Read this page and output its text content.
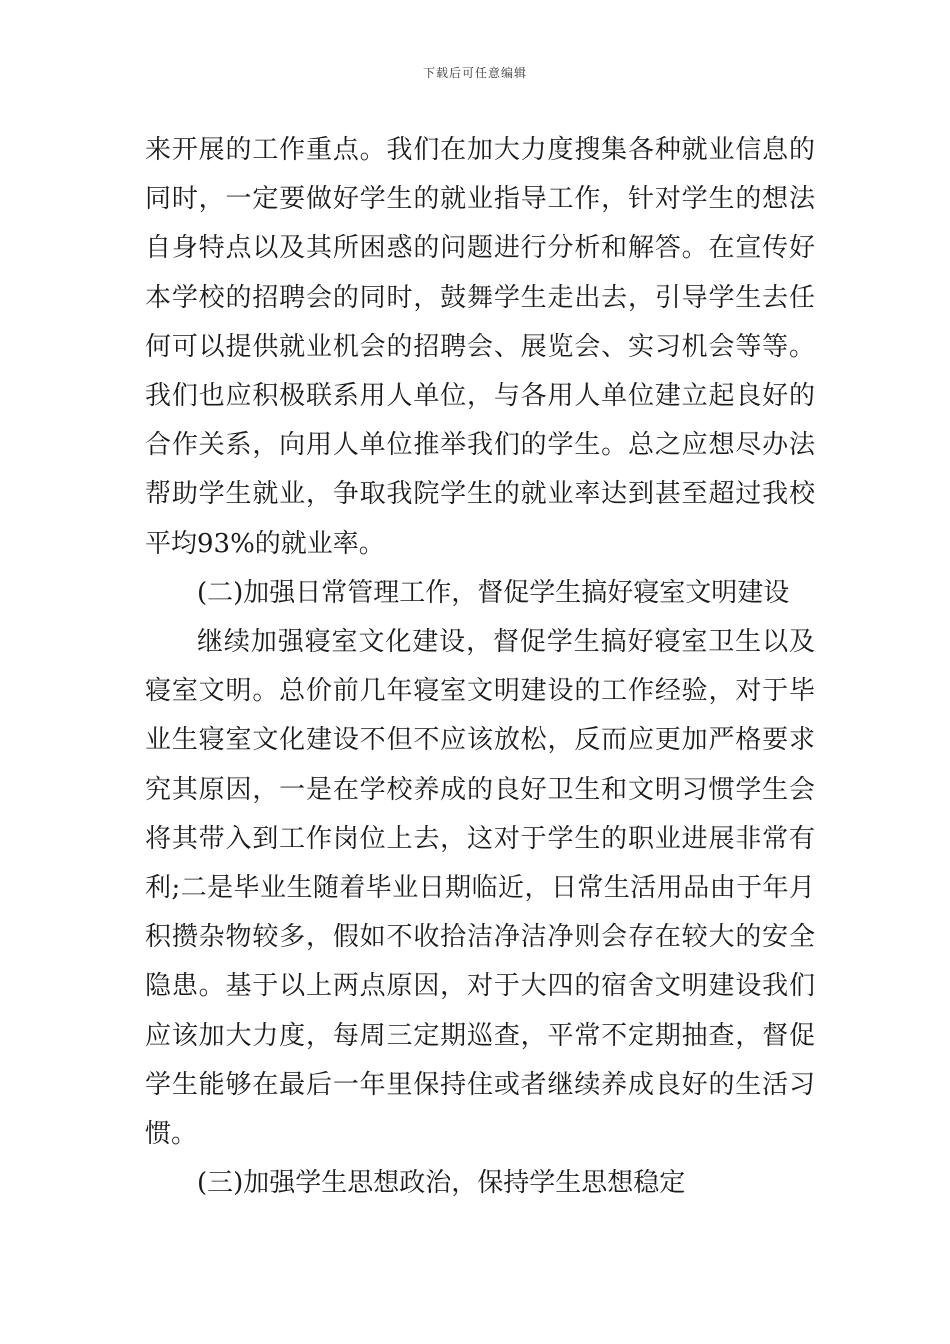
下载后可任意编辑

来开展的工作重点。我们在加大力度搜集各种就业信息的同时，一定要做好学生的就业指导工作，针对学生的想法自身特点以及其所困惑的问题进行分析和解答。在宣传好本学校的招聘会的同时，鼓舞学生走出去，引导学生去任何可以提供就业机会的招聘会、展览会、实习机会等等。我们也应积极联系用人单位，与各用人单位建立起良好的合作关系，向用人单位推举我们的学生。总之应想尽办法帮助学生就业，争取我院学生的就业率达到甚至超过我校平均93%的就业率。

(二)加强日常管理工作，督促学生搞好寝室文明建设

继续加强寝室文化建设，督促学生搞好寝室卫生以及寝室文明。总价前几年寝室文明建设的工作经验，对于毕业生寝室文化建设不但不应该放松，反而应更加严格要求究其原因，一是在学校养成的良好卫生和文明习惯学生会将其带入到工作岗位上去，这对于学生的职业进展非常有利;二是毕业生随着毕业日期临近，日常生活用品由于年月积攒杂物较多，假如不收拾洁净洁净则会存在较大的安全隐患。基于以上两点原因，对于大四的宿舍文明建设我们应该加大力度，每周三定期巡查，平常不定期抽查，督促学生能够在最后一年里保持住或者继续养成良好的生活习惯。

(三)加强学生思想政治，保持学生思想稳定
